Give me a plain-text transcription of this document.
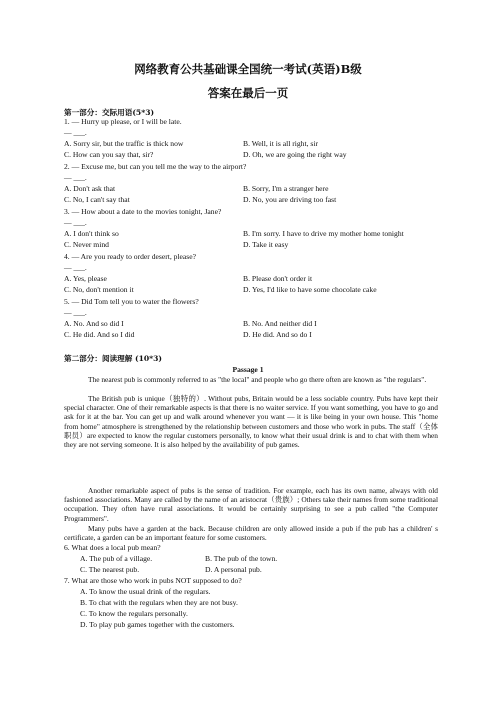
网络教育公共基础课全国统一考试(英语)B级
答案在最后一页
第一部分：交际用语(5*3)
1. — Hurry up please, or I will be late.
— ___.
A. Sorry sir, but the traffic is thick now	B. Well, it is all right, sir
C. How can you say that, sir?	D. Oh, we are going the right way
2. — Excuse me, but can you tell me the way to the airport?
— ___.
A. Don't ask that	B. Sorry, I'm a stranger here
C. No, I can't say that	D. No, you are driving too fast
3. — How about a date to the movies tonight, Jane?
— ___.
A. I don't think so	B. I'm sorry. I have to drive my mother home tonight
C. Never mind	D. Take it easy
4. — Are you ready to order desert, please?
— ___.
A. Yes, please	B. Please don't order it
C. No, don't mention it	D. Yes, I'd like to have some chocolate cake
5. — Did Tom tell you to water the flowers?
— ___.
A. No. And so did I	B. No. And neither did I
C. He did. And so I did	D. He did. And so do I
第二部分：阅读理解 (10*3)
Passage 1
The nearest pub is commonly referred to as "the local" and people who go there often are known as "the regulars".
The British pub is unique（独特的）. Without pubs, Britain would be a less sociable country. Pubs have kept their special character. One of their remarkable aspects is that there is no waiter service. If you want something, you have to go and ask for it at the bar. You can get up and walk around whenever you want — it is like being in your own house. This "home from home" atmosphere is strengthened by the relationship between customers and those who work in pubs. The staff（全体职员）are expected to know the regular customers personally, to know what their usual drink is and to chat with them when they are not serving someone. It is also helped by the availability of pub games.
Another remarkable aspect of pubs is the sense of tradition. For example, each has its own name, always with old fashioned associations. Many are called by the name of an aristocrat（贵族）; Others take their names from some traditional occupation. They often have rural associations. It would be certainly surprising to see a pub called "the Computer Programmers".
Many pubs have a garden at the back. Because children are only allowed inside a pub if the pub has a children' s certificate, a garden can be an important feature for some customers.
6. What does a local pub mean?
A. The pub of a village.	B. The pub of the town.
C. The nearest pub.	D. A personal pub.
7. What are those who work in pubs NOT supposed to do?
A. To know the usual drink of the regulars.
B. To chat with the regulars when they are not busy.
C. To know the regulars personally.
D. To play pub games together with the customers.
